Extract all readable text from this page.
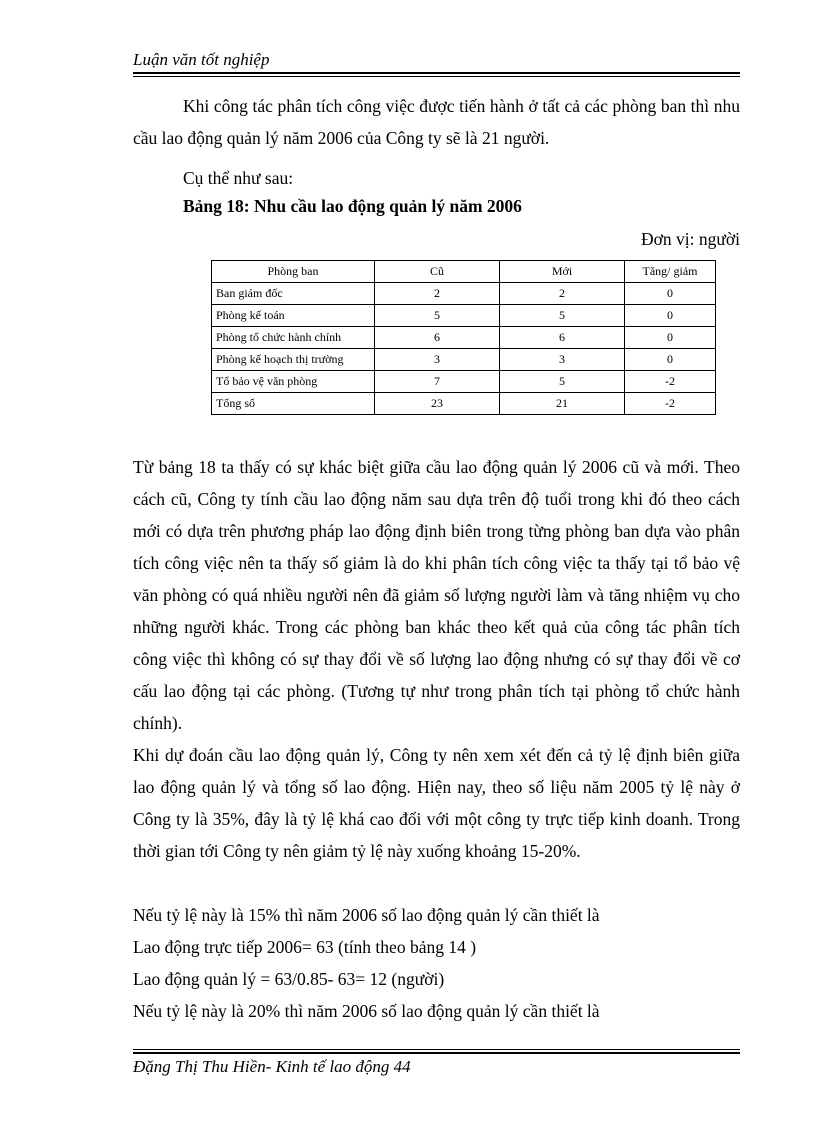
Luận văn tốt nghiệp
Khi công tác phân tích công việc được tiến hành ở tất cả các phòng ban thì nhu cầu lao động quản lý năm 2006 của Công ty sẽ là 21 người.
Cụ thể như sau:
Bảng 18: Nhu cầu lao động quản lý năm 2006
Đơn vị: người
Phòng ban	Cũ	Mới	Tăng/ giảm
Ban giám đốc	2	2	0
Phòng kế toán	5	5	0
Phòng tổ chức hành chính	6	6	0
Phòng kế hoạch thị trường	3	3	0
Tổ bảo vệ văn phòng	7	5	-2
Tổng số	23	21	-2
Từ bảng 18 ta thấy có sự khác biệt giữa cầu lao động quản lý 2006 cũ và mới. Theo cách cũ, Công ty tính cầu lao động năm sau dựa trên độ tuổi trong khi đó theo cách mới có dựa trên phương pháp lao động định biên trong từng phòng ban dựa vào phân tích công việc nên ta thấy số giảm là do khi phân tích công việc ta thấy tại tổ bảo vệ văn phòng có quá nhiều người nên đã giảm số lượng người làm và tăng nhiệm vụ cho những người khác. Trong các phòng ban khác theo kết quả của công tác phân tích công việc thì không có sự thay đổi về số lượng lao động nhưng có sự thay đổi về cơ cấu lao động tại các phòng. (Tương tự như trong phân tích tại phòng tổ chức hành chính).
Khi dự đoán cầu lao động quản lý, Công ty nên xem xét đến cả tỷ lệ định biên giữa lao động quản lý và tổng số lao động. Hiện nay, theo số liệu năm 2005 tỷ lệ này ở Công ty là 35%, đây là tỷ lệ khá cao đối với một công ty trực tiếp kinh doanh. Trong thời gian tới Công ty nên giảm tỷ lệ này xuống khoảng 15-20%.
Nếu tỷ lệ này là 15% thì năm 2006 số lao động quản lý cần thiết là
Lao động trực tiếp 2006= 63 (tính theo bảng 14 )
Lao động quản lý = 63/0.85- 63= 12 (người)
Nếu tỷ lệ này là 20% thì năm 2006 số lao động quản lý cần thiết là
Đặng Thị Thu Hiền- Kinh tế lao động 44
